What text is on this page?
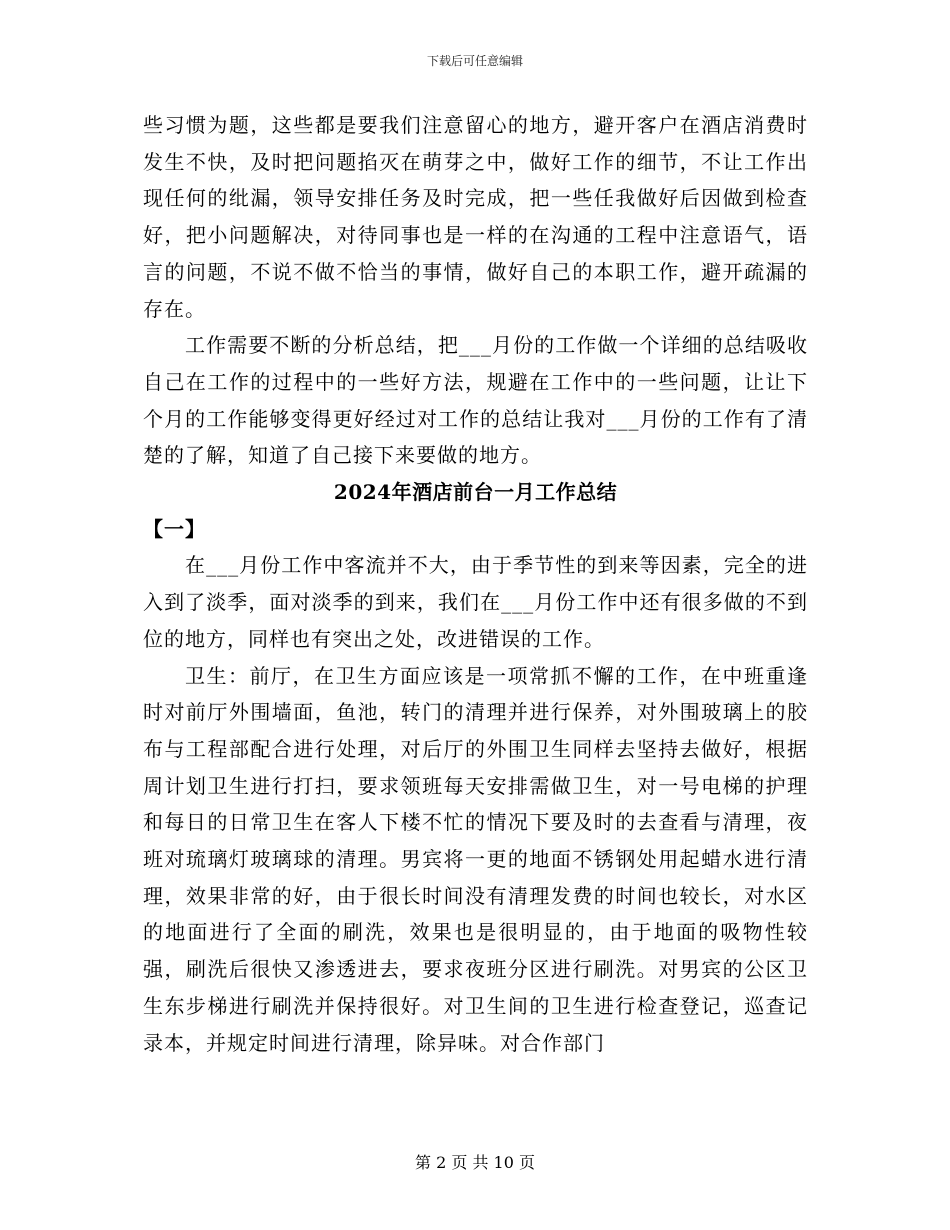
下载后可任意编辑

些习惯为题，这些都是要我们注意留心的地方，避开客户在酒店消费时发生不快，及时把问题掐灭在萌芽之中，做好工作的细节，不让工作出现任何的纰漏，领导安排任务及时完成，把一些任我做好后因做到检查好，把小问题解决，对待同事也是一样的在沟通的工程中注意语气，语言的问题，不说不做不恰当的事情，做好自己的本职工作，避开疏漏的存在。

工作需要不断的分析总结，把___月份的工作做一个详细的总结吸收自己在工作的过程中的一些好方法，规避在工作中的一些问题，让让下个月的工作能够变得更好经过对工作的总结让我对___月份的工作有了清楚的了解，知道了自己接下来要做的地方。

2024年酒店前台一月工作总结
【一】

在___月份工作中客流并不大，由于季节性的到来等因素，完全的进入到了淡季，面对淡季的到来，我们在___月份工作中还有很多做的不到位的地方，同样也有突出之处，改进错误的工作。

卫生：前厅，在卫生方面应该是一项常抓不懈的工作，在中班重逢时对前厅外围墙面，鱼池，转门的清理并进行保养，对外围玻璃上的胶布与工程部配合进行处理，对后厅的外围卫生同样去坚持去做好，根据周计划卫生进行打扫，要求领班每天安排需做卫生，对一号电梯的护理和每日的日常卫生在客人下楼不忙的情况下要及时的去查看与清理，夜班对琉璃灯玻璃球的清理。男宾将一更的地面不锈钢处用起蜡水进行清理，效果非常的好，由于很长时间没有清理发费的时间也较长，对水区的地面进行了全面的刷洗，效果也是很明显的，由于地面的吸物性较强，刷洗后很快又渗透进去，要求夜班分区进行刷洗。对男宾的公区卫生东步梯进行刷洗并保持很好。对卫生间的卫生进行检查登记，巡查记录本，并规定时间进行清理，除异味。对合作部门

第 2 页 共 10 页
